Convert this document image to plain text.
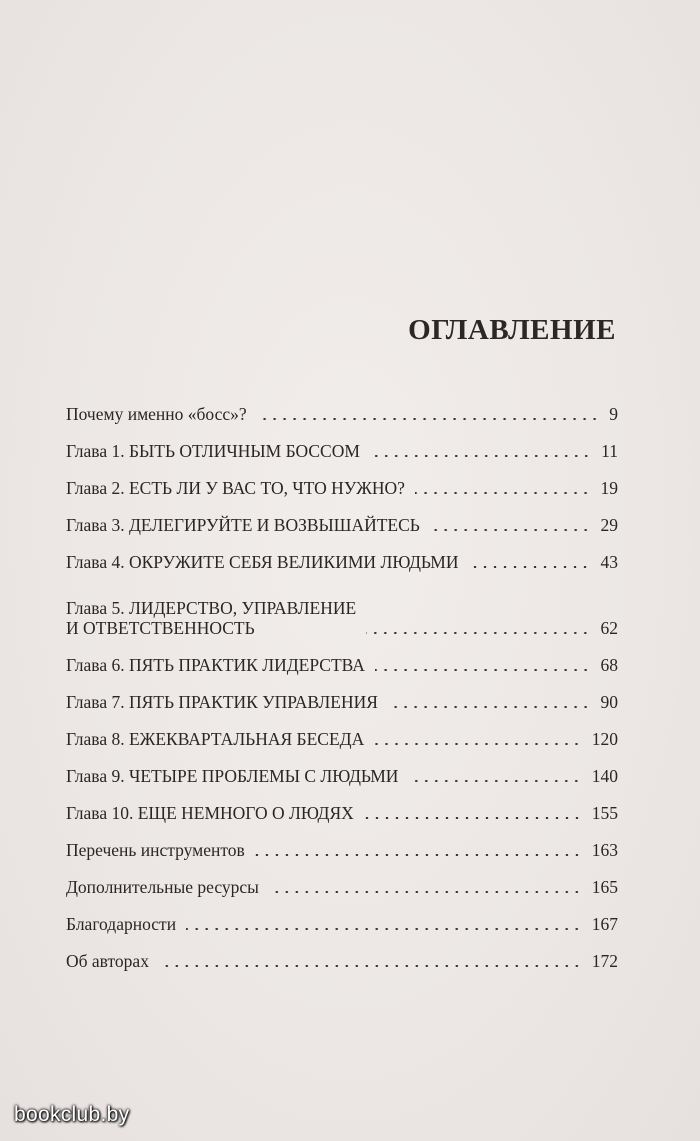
ОГЛАВЛЕНИЕ
Почему именно «босс»?	9
Глава 1. БЫТЬ ОТЛИЧНЫМ БОССОМ	11
Глава 2. ЕСТЬ ЛИ У ВАС ТО, ЧТО НУЖНО?	19
Глава 3. ДЕЛЕГИРУЙТЕ И ВОЗВЫШАЙТЕСЬ	29
Глава 4. ОКРУЖИТЕ СЕБЯ ВЕЛИКИМИ ЛЮДЬМИ	43
Глава 5. ЛИДЕРСТВО, УПРАВЛЕНИЕ
И ОТВЕТСТВЕННОСТЬ	62
Глава 6. ПЯТЬ ПРАКТИК ЛИДЕРСТВА	68
Глава 7. ПЯТЬ ПРАКТИК УПРАВЛЕНИЯ	90
Глава 8. ЕЖЕКВАРТАЛЬНАЯ БЕСЕДА	120
Глава 9. ЧЕТЫРЕ ПРОБЛЕМЫ С ЛЮДЬМИ	140
Глава 10. ЕЩЕ НЕМНОГО О ЛЮДЯХ	155
Перечень инструментов	163
Дополнительные ресурсы	165
Благодарности	167
Об авторах	172
bookclub.by
